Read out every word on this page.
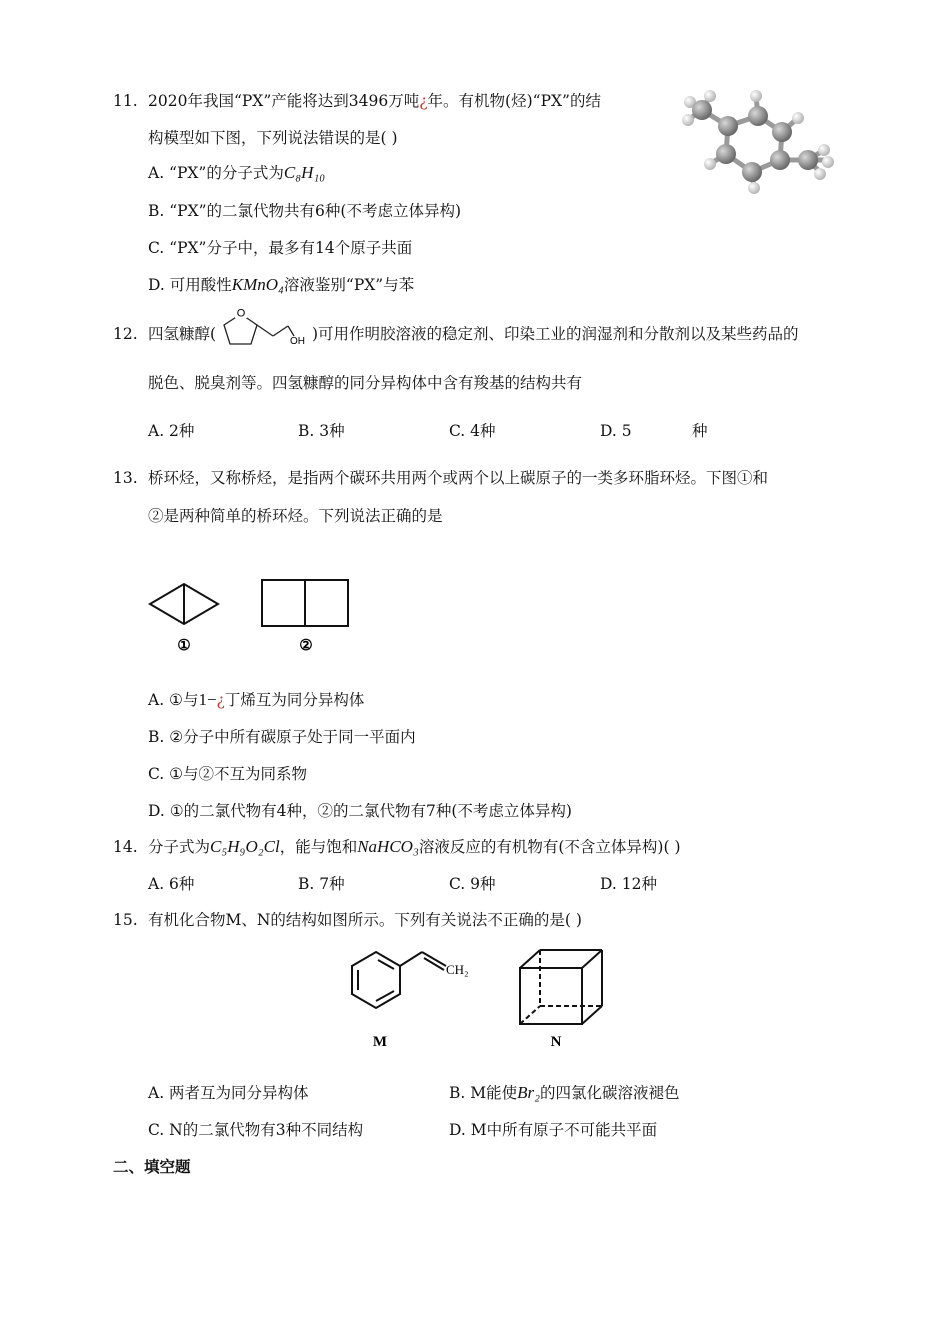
11. 2020年我国“PX”产能将达到3496万吨¿年。有机物(烃)“PX”的结
构模型如下图，下列说法错误的是( )
A. “PX”的分子式为C₈H₁₀
B. “PX”的二氯代物共有6种(不考虑立体异构)
C. “PX”分子中，最多有14个原子共面
D. 可用酸性KMnO₄溶液鉴别“PX”与苯
12. 四氢糠醇(
O
OH )可用作明胶溶液的稳定剂、印染工业的润湿剂和分散剂以及某些药品的
脱色、脱臭剂等。四氢糠醇的同分异构体中含有羧基的结构共有
A. 2种	B. 3种	C. 4种	D. 5	种
13. 桥环烃，又称桥烃，是指两个碳环共用两个或两个以上碳原子的一类多环脂环烃。下图①和
②是两种简单的桥环烃。下列说法正确的是
①	②
A. ①与1−¿丁烯互为同分异构体
B. ②分子中所有碳原子处于同一平面内
C. ①与②不互为同系物
D. ①的二氯代物有4种，②的二氯代物有7种(不考虑立体异构)
14. 分子式为C₅H₉O₂Cl，能与饱和NaHCO₃溶液反应的有机物有(不含立体异构)( )
A. 6种	B. 7种	C. 9种	D. 12种
15. 有机化合物M、N的结构如图所示。下列有关说法不正确的是( )
CH₂
M	N
A. 两者互为同分异构体	B. M能使Br₂的四氯化碳溶液褪色
C. N的二氯代物有3种不同结构	D. M中所有原子不可能共平面
二、填空题
